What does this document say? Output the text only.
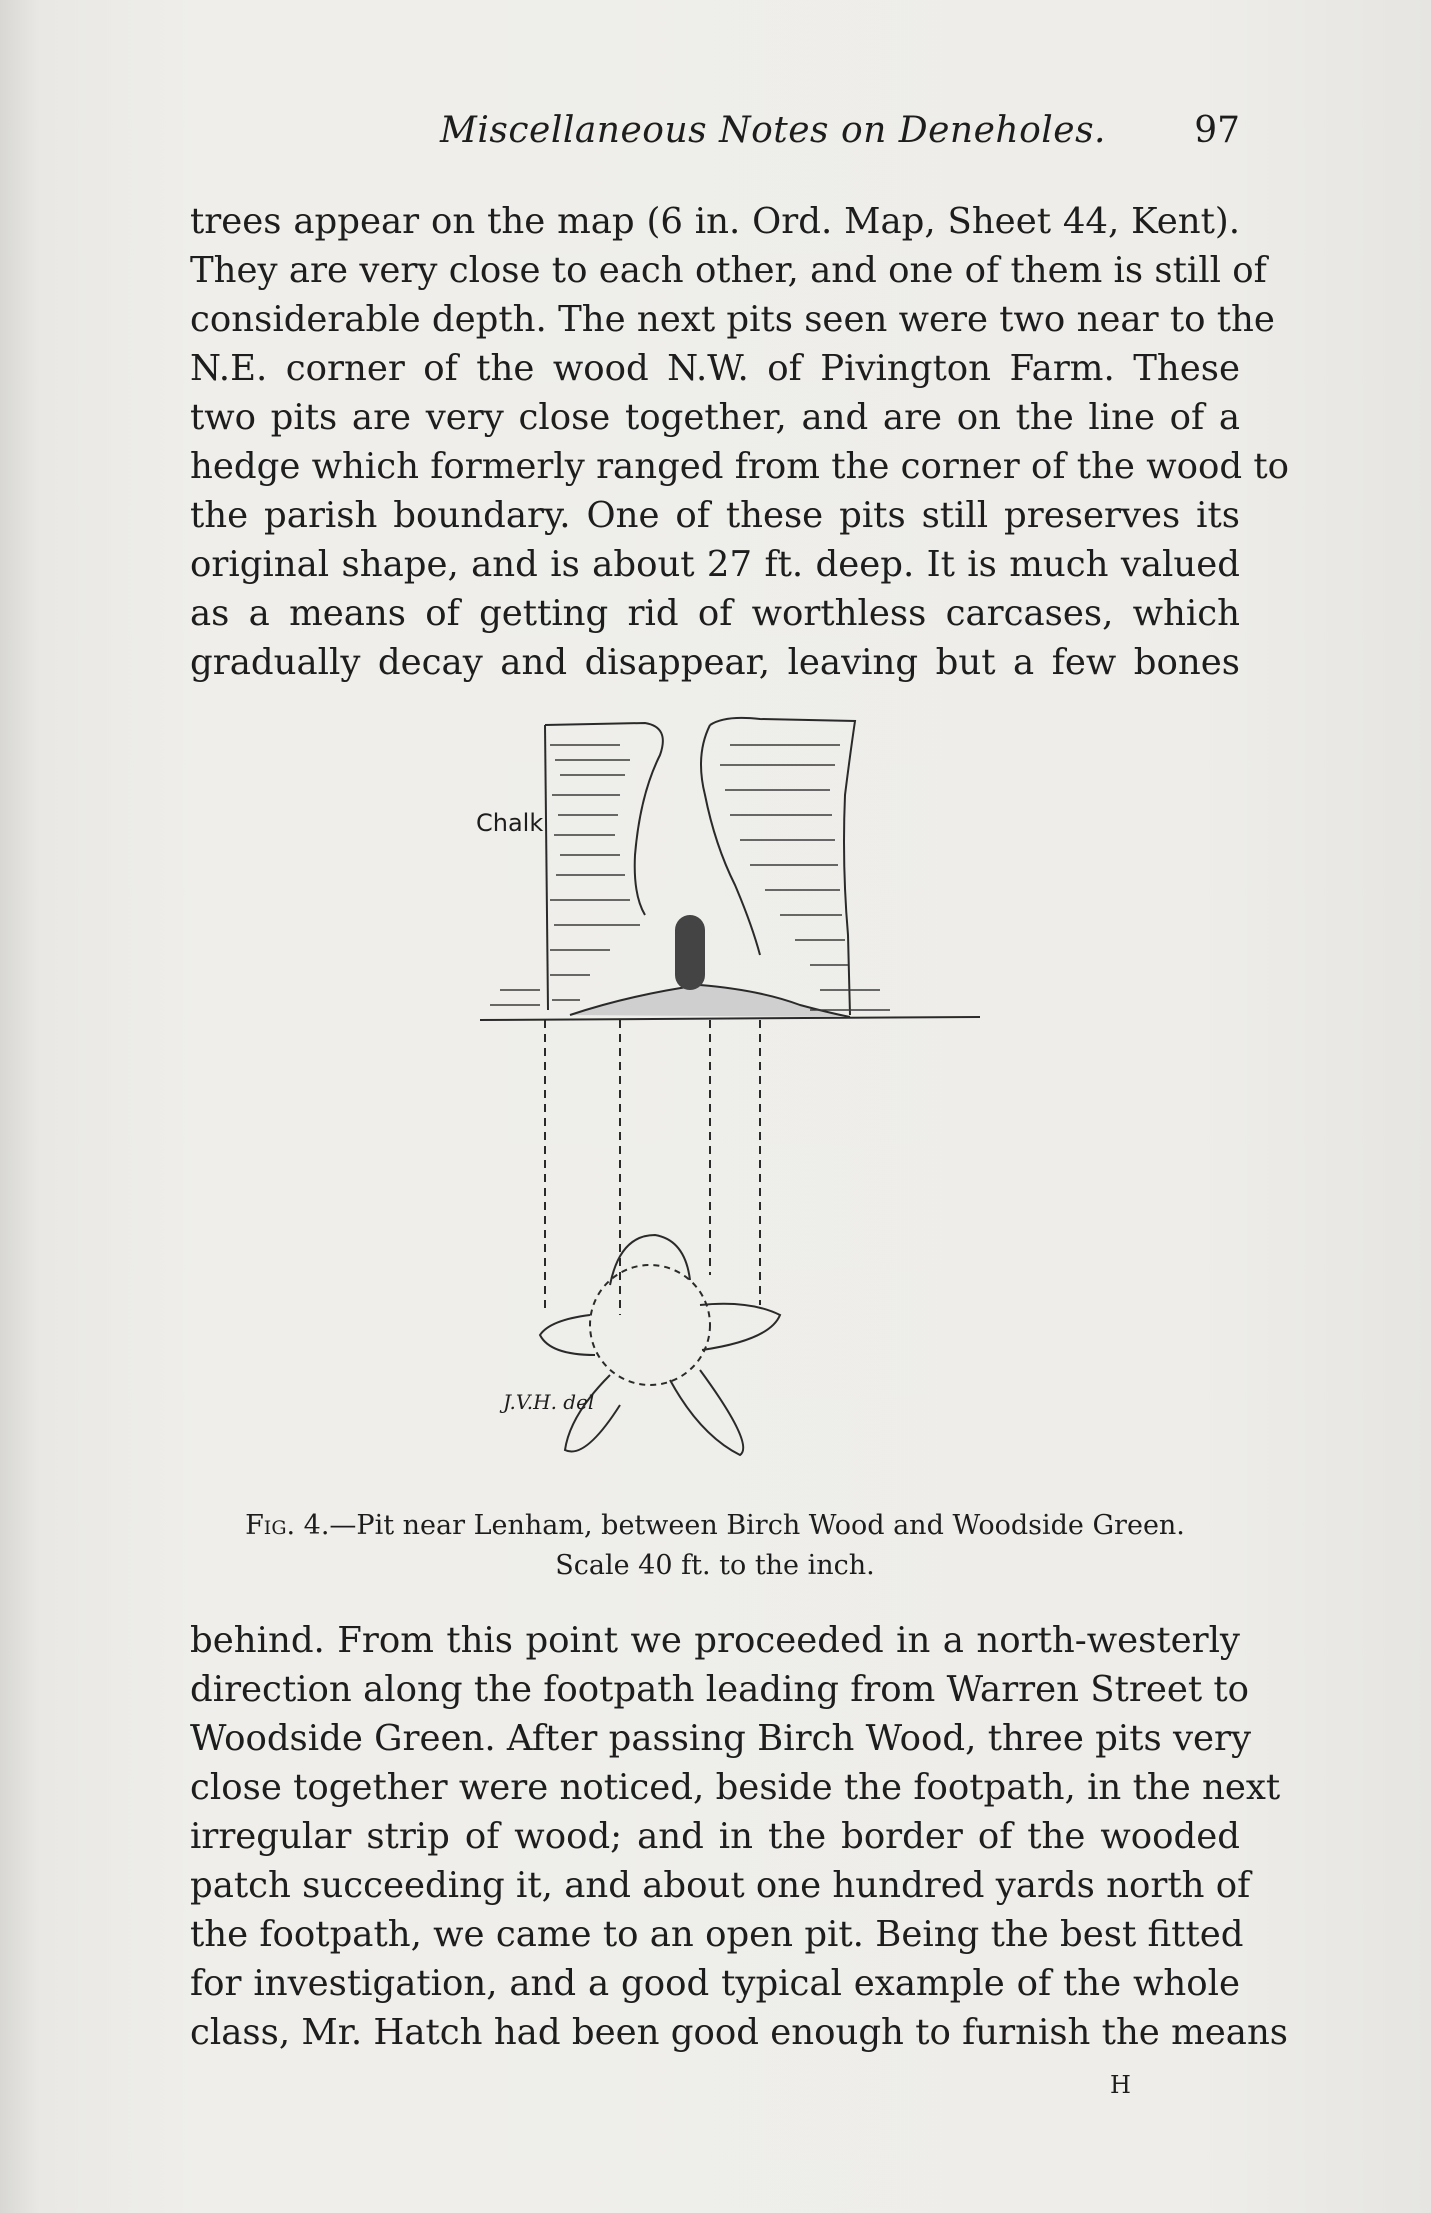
Miscellaneous Notes on Deneholes. 97
trees appear on the map (6 in. Ord. Map, Sheet 44, Kent).
They are very close to each other, and one of them is still of
considerable depth. The next pits seen were two near to the
N.E. corner of the wood N.W. of Pivington Farm. These
two pits are very close together, and are on the line of a
hedge which formerly ranged from the corner of the wood to
the parish boundary. One of these pits still preserves its
original shape, and is about 27 ft. deep. It is much valued
as a means of getting rid of worthless carcases, which
gradually decay and disappear, leaving but a few bones
Chalk
J.V.H. del
Fig. 4.—Pit near Lenham, between Birch Wood and Woodside Green.
Scale 40 ft. to the inch.
behind. From this point we proceeded in a north-westerly
direction along the footpath leading from Warren Street to
Woodside Green. After passing Birch Wood, three pits very
close together were noticed, beside the footpath, in the next
irregular strip of wood; and in the border of the wooded
patch succeeding it, and about one hundred yards north of
the footpath, we came to an open pit. Being the best fitted
for investigation, and a good typical example of the whole
class, Mr. Hatch had been good enough to furnish the means
H
